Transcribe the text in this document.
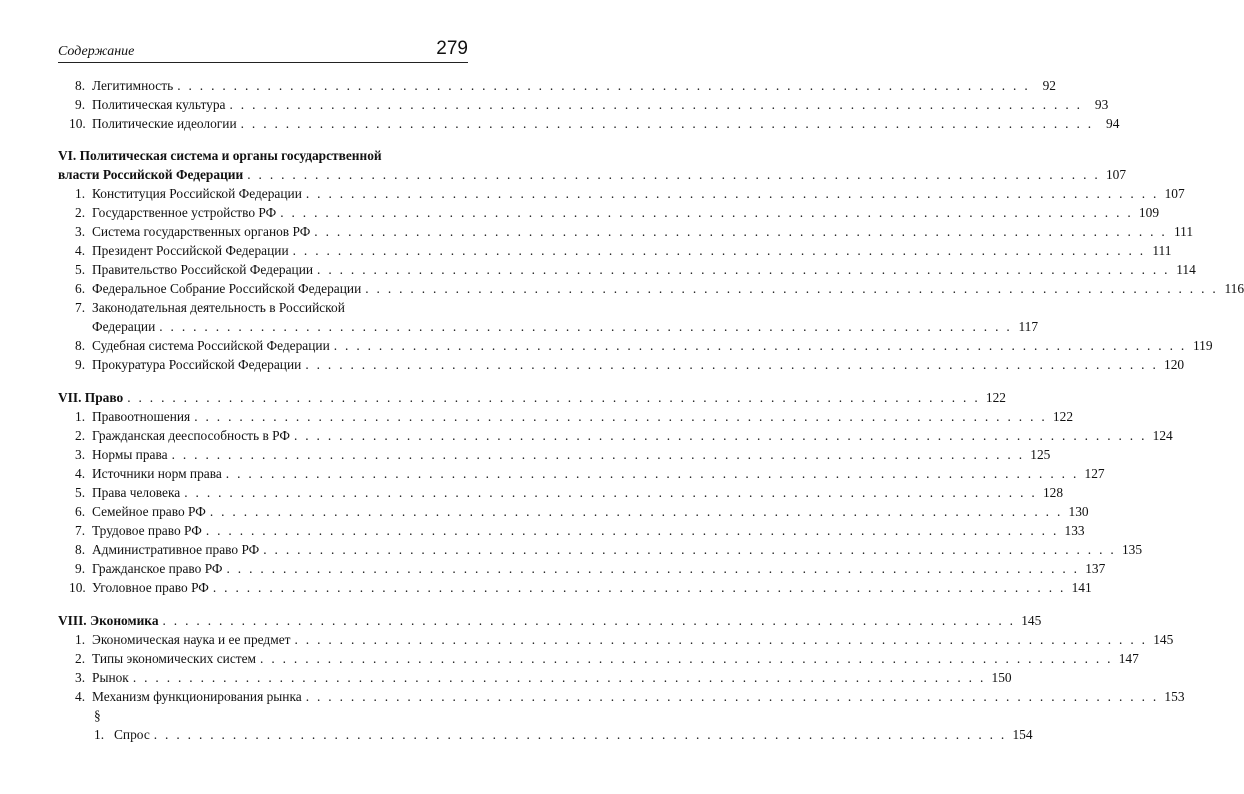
Содержание	279
8. Легитимность . . . . . . . . . . . . . . . . . . . . . . . . . . . . . . . . . . . . . . . . . . . . . . . . . . . . . . . . . . . . . . . . . . . . . . . . . . . . 92
9. Политическая культура . . . . . . . . . . . . . . . . . . . . . . . . . . . . . . . . . . . . . . . . . . . . . . . . . . . . . . . . . . . . . . . . . . . . . . . . . . . . 93
10. Политические идеологии . . . . . . . . . . . . . . . . . . . . . . . . . . . . . . . . . . . . . . . . . . . . . . . . . . . . . . . . . . . . . . . . . . . . . . . . . . . . 94
VI. Политическая система и органы государственной
власти Российской Федерации . . . . . . . . . . . . . . . . . . . . . . . . . . . . . . . . . . . . . . . . . . . . . . . . . . . . . . . . . . . . . . . . . . . . . . . . . . . . 107
1. Конституция Российской Федерации . . . . . . . . . . . . . . . . . . . . . . . . . . . . . . . . . . . . . . . . . . . . . . . . . . . . . . . . . . . . . . . . . . . . . . . . . . . . 107
2. Государственное устройство РФ . . . . . . . . . . . . . . . . . . . . . . . . . . . . . . . . . . . . . . . . . . . . . . . . . . . . . . . . . . . . . . . . . . . . . . . . . . . . 109
3. Система государственных органов РФ . . . . . . . . . . . . . . . . . . . . . . . . . . . . . . . . . . . . . . . . . . . . . . . . . . . . . . . . . . . . . . . . . . . . . . . . . . . . 111
4. Президент Российской Федерации . . . . . . . . . . . . . . . . . . . . . . . . . . . . . . . . . . . . . . . . . . . . . . . . . . . . . . . . . . . . . . . . . . . . . . . . . . . . 111
5. Правительство Российской Федерации . . . . . . . . . . . . . . . . . . . . . . . . . . . . . . . . . . . . . . . . . . . . . . . . . . . . . . . . . . . . . . . . . . . . . . . . . . . . 114
6. Федеральное Собрание Российской Федерации . . . . . . . . . . . . . . . . . . . . . . . . . . . . . . . . . . . . . . . . . . . . . . . . . . . . . . . . . . . . . . . . . . . . . . . . . . . . 116
7. Законодательная деятельность в Российской
Федерации . . . . . . . . . . . . . . . . . . . . . . . . . . . . . . . . . . . . . . . . . . . . . . . . . . . . . . . . . . . . . . . . . . . . . . . . . . . . 117
8. Судебная система Российской Федерации . . . . . . . . . . . . . . . . . . . . . . . . . . . . . . . . . . . . . . . . . . . . . . . . . . . . . . . . . . . . . . . . . . . . . . . . . . . . 119
9. Прокуратура Российской Федерации . . . . . . . . . . . . . . . . . . . . . . . . . . . . . . . . . . . . . . . . . . . . . . . . . . . . . . . . . . . . . . . . . . . . . . . . . . . . 120
VII. Право . . . . . . . . . . . . . . . . . . . . . . . . . . . . . . . . . . . . . . . . . . . . . . . . . . . . . . . . . . . . . . . . . . . . . . . . . . . . 122
1. Правоотношения . . . . . . . . . . . . . . . . . . . . . . . . . . . . . . . . . . . . . . . . . . . . . . . . . . . . . . . . . . . . . . . . . . . . . . . . . . . . 122
2. Гражданская дееспособность в РФ . . . . . . . . . . . . . . . . . . . . . . . . . . . . . . . . . . . . . . . . . . . . . . . . . . . . . . . . . . . . . . . . . . . . . . . . . . . . 124
3. Нормы права . . . . . . . . . . . . . . . . . . . . . . . . . . . . . . . . . . . . . . . . . . . . . . . . . . . . . . . . . . . . . . . . . . . . . . . . . . . . 125
4. Источники норм права . . . . . . . . . . . . . . . . . . . . . . . . . . . . . . . . . . . . . . . . . . . . . . . . . . . . . . . . . . . . . . . . . . . . . . . . . . . . 127
5. Права человека . . . . . . . . . . . . . . . . . . . . . . . . . . . . . . . . . . . . . . . . . . . . . . . . . . . . . . . . . . . . . . . . . . . . . . . . . . . . 128
6. Семейное право РФ . . . . . . . . . . . . . . . . . . . . . . . . . . . . . . . . . . . . . . . . . . . . . . . . . . . . . . . . . . . . . . . . . . . . . . . . . . . . 130
7. Трудовое право РФ . . . . . . . . . . . . . . . . . . . . . . . . . . . . . . . . . . . . . . . . . . . . . . . . . . . . . . . . . . . . . . . . . . . . . . . . . . . . 133
8. Административное право РФ . . . . . . . . . . . . . . . . . . . . . . . . . . . . . . . . . . . . . . . . . . . . . . . . . . . . . . . . . . . . . . . . . . . . . . . . . . . . 135
9. Гражданское право РФ . . . . . . . . . . . . . . . . . . . . . . . . . . . . . . . . . . . . . . . . . . . . . . . . . . . . . . . . . . . . . . . . . . . . . . . . . . . . 137
10. Уголовное право РФ . . . . . . . . . . . . . . . . . . . . . . . . . . . . . . . . . . . . . . . . . . . . . . . . . . . . . . . . . . . . . . . . . . . . . . . . . . . . 141
VIII. Экономика . . . . . . . . . . . . . . . . . . . . . . . . . . . . . . . . . . . . . . . . . . . . . . . . . . . . . . . . . . . . . . . . . . . . . . . . . . . . 145
1. Экономическая наука и ее предмет . . . . . . . . . . . . . . . . . . . . . . . . . . . . . . . . . . . . . . . . . . . . . . . . . . . . . . . . . . . . . . . . . . . . . . . . . . . . 145
2. Типы экономических систем . . . . . . . . . . . . . . . . . . . . . . . . . . . . . . . . . . . . . . . . . . . . . . . . . . . . . . . . . . . . . . . . . . . . . . . . . . . . 147
3. Рынок . . . . . . . . . . . . . . . . . . . . . . . . . . . . . . . . . . . . . . . . . . . . . . . . . . . . . . . . . . . . . . . . . . . . . . . . . . . . 150
4. Механизм функционирования рынка . . . . . . . . . . . . . . . . . . . . . . . . . . . . . . . . . . . . . . . . . . . . . . . . . . . . . . . . . . . . . . . . . . . . . . . . . . . . 153
§ 1. Спрос . . . . . . . . . . . . . . . . . . . . . . . . . . . . . . . . . . . . . . . . . . . . . . . . . . . . . . . . . . . . . . . . . . . . . . . . . . . . 154
